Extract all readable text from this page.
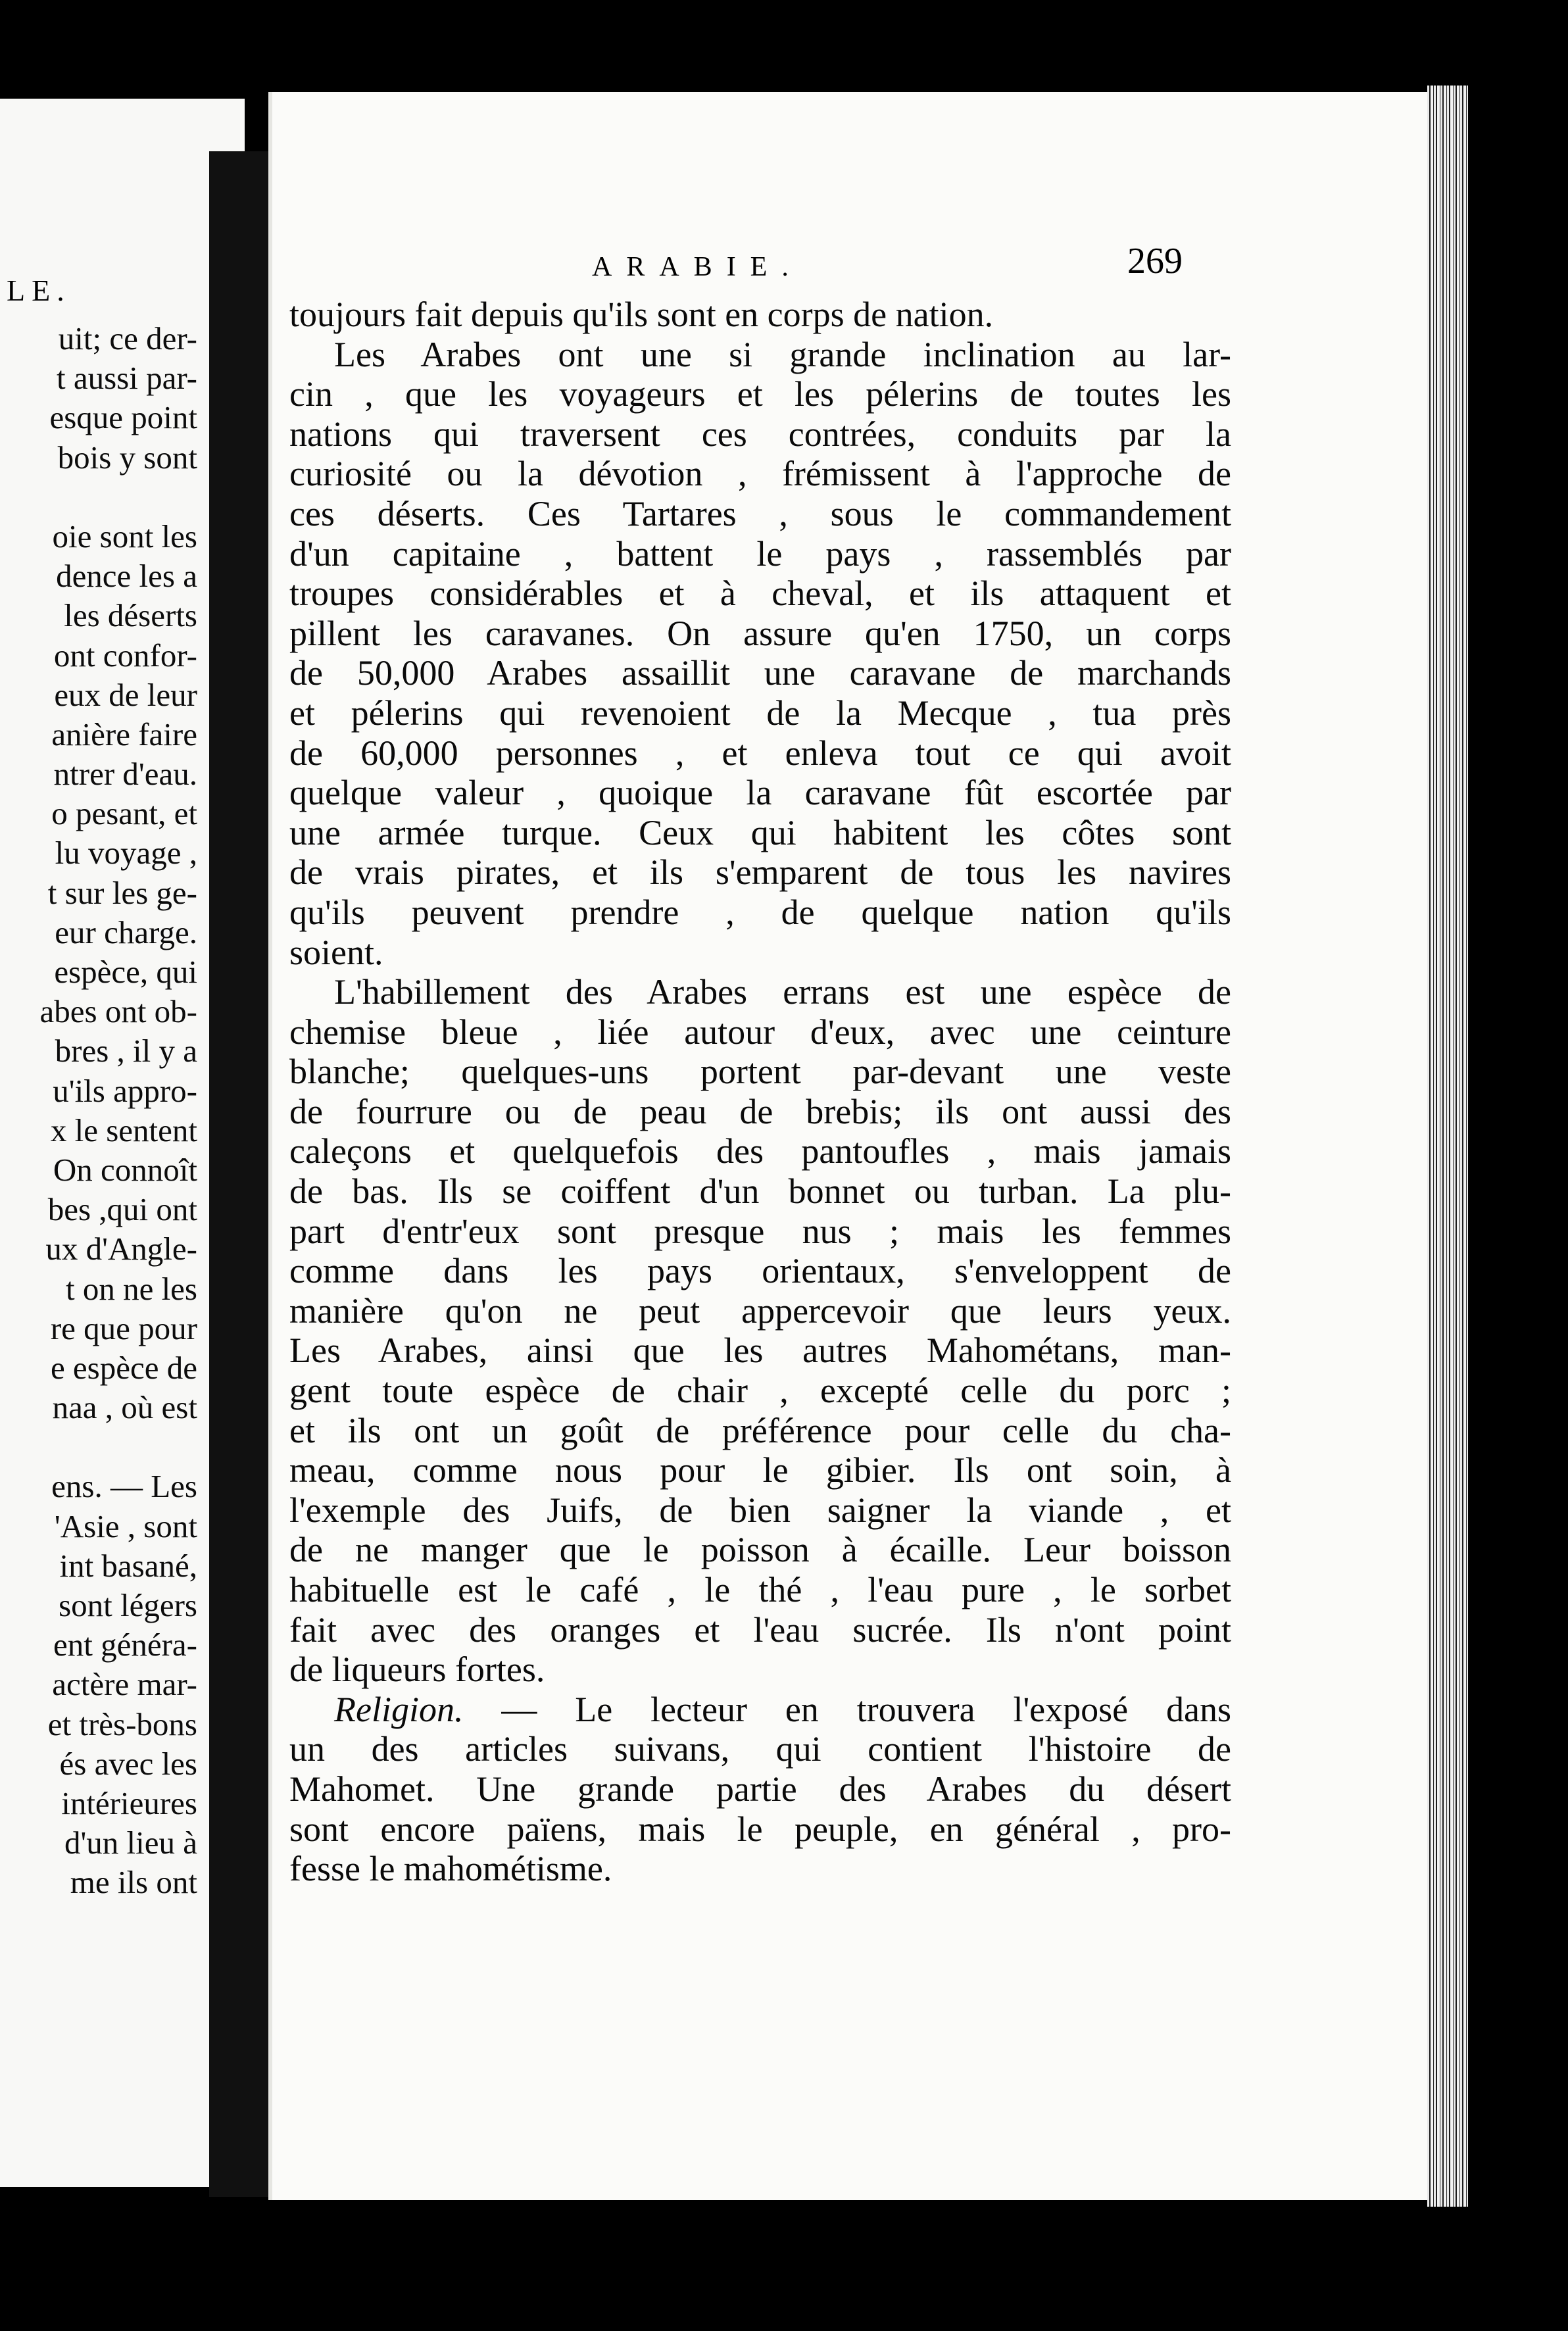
LE.
uit; ce der-
t aussi par-
esque point
bois y sont
oie sont les
dence les a
les déserts
ont confor-
eux de leur
anière faire
ntrer d'eau.
o pesant, et
lu voyage ,
t sur les ge-
eur charge.
espèce, qui
abes ont ob-
bres , il y a
u'ils appro-
x le sentent
On connoît
bes ,qui ont
ux d'Angle-
t on ne les
re que pour
e espèce de
naa , où est
ens. — Les
'Asie , sont
int basané,
sont légers
ent généra-
actère mar-
et très-bons
és avec les
intérieures
d'un lieu à
me ils ont
ARABIE.	269
toujours fait depuis qu'ils sont en corps de nation.
Les Arabes ont une si grande inclination au lar-
cin , que les voyageurs et les pélerins de toutes les
nations qui traversent ces contrées, conduits par la
curiosité ou la dévotion , frémissent à l'approche de
ces déserts. Ces Tartares , sous le commandement
d'un capitaine , battent le pays , rassemblés par
troupes considérables et à cheval, et ils attaquent et
pillent les caravanes. On assure qu'en 1750, un corps
de 50,000 Arabes assaillit une caravane de marchands
et pélerins qui revenoient de la Mecque , tua près
de 60,000 personnes , et enleva tout ce qui avoit
quelque valeur , quoique la caravane fût escortée par
une armée turque. Ceux qui habitent les côtes sont
de vrais pirates, et ils s'emparent de tous les navires
qu'ils peuvent prendre , de quelque nation qu'ils
soient.
L'habillement des Arabes errans est une espèce de
chemise bleue , liée autour d'eux, avec une ceinture
blanche; quelques-uns portent par-devant une veste
de fourrure ou de peau de brebis; ils ont aussi des
caleçons et quelquefois des pantoufles , mais jamais
de bas. Ils se coiffent d'un bonnet ou turban. La plu-
part d'entr'eux sont presque nus ; mais les femmes
comme dans les pays orientaux, s'enveloppent de
manière qu'on ne peut appercevoir que leurs yeux.
Les Arabes, ainsi que les autres Mahométans, man-
gent toute espèce de chair , excepté celle du porc ;
et ils ont un goût de préférence pour celle du cha-
meau, comme nous pour le gibier. Ils ont soin, à
l'exemple des Juifs, de bien saigner la viande , et
de ne manger que le poisson à écaille. Leur boisson
habituelle est le café , le thé , l'eau pure , le sorbet
fait avec des oranges et l'eau sucrée. Ils n'ont point
de liqueurs fortes.
Religion. — Le lecteur en trouvera l'exposé dans
un des articles suivans, qui contient l'histoire de
Mahomet. Une grande partie des Arabes du désert
sont encore païens, mais le peuple, en général , pro-
fesse le mahométisme.
